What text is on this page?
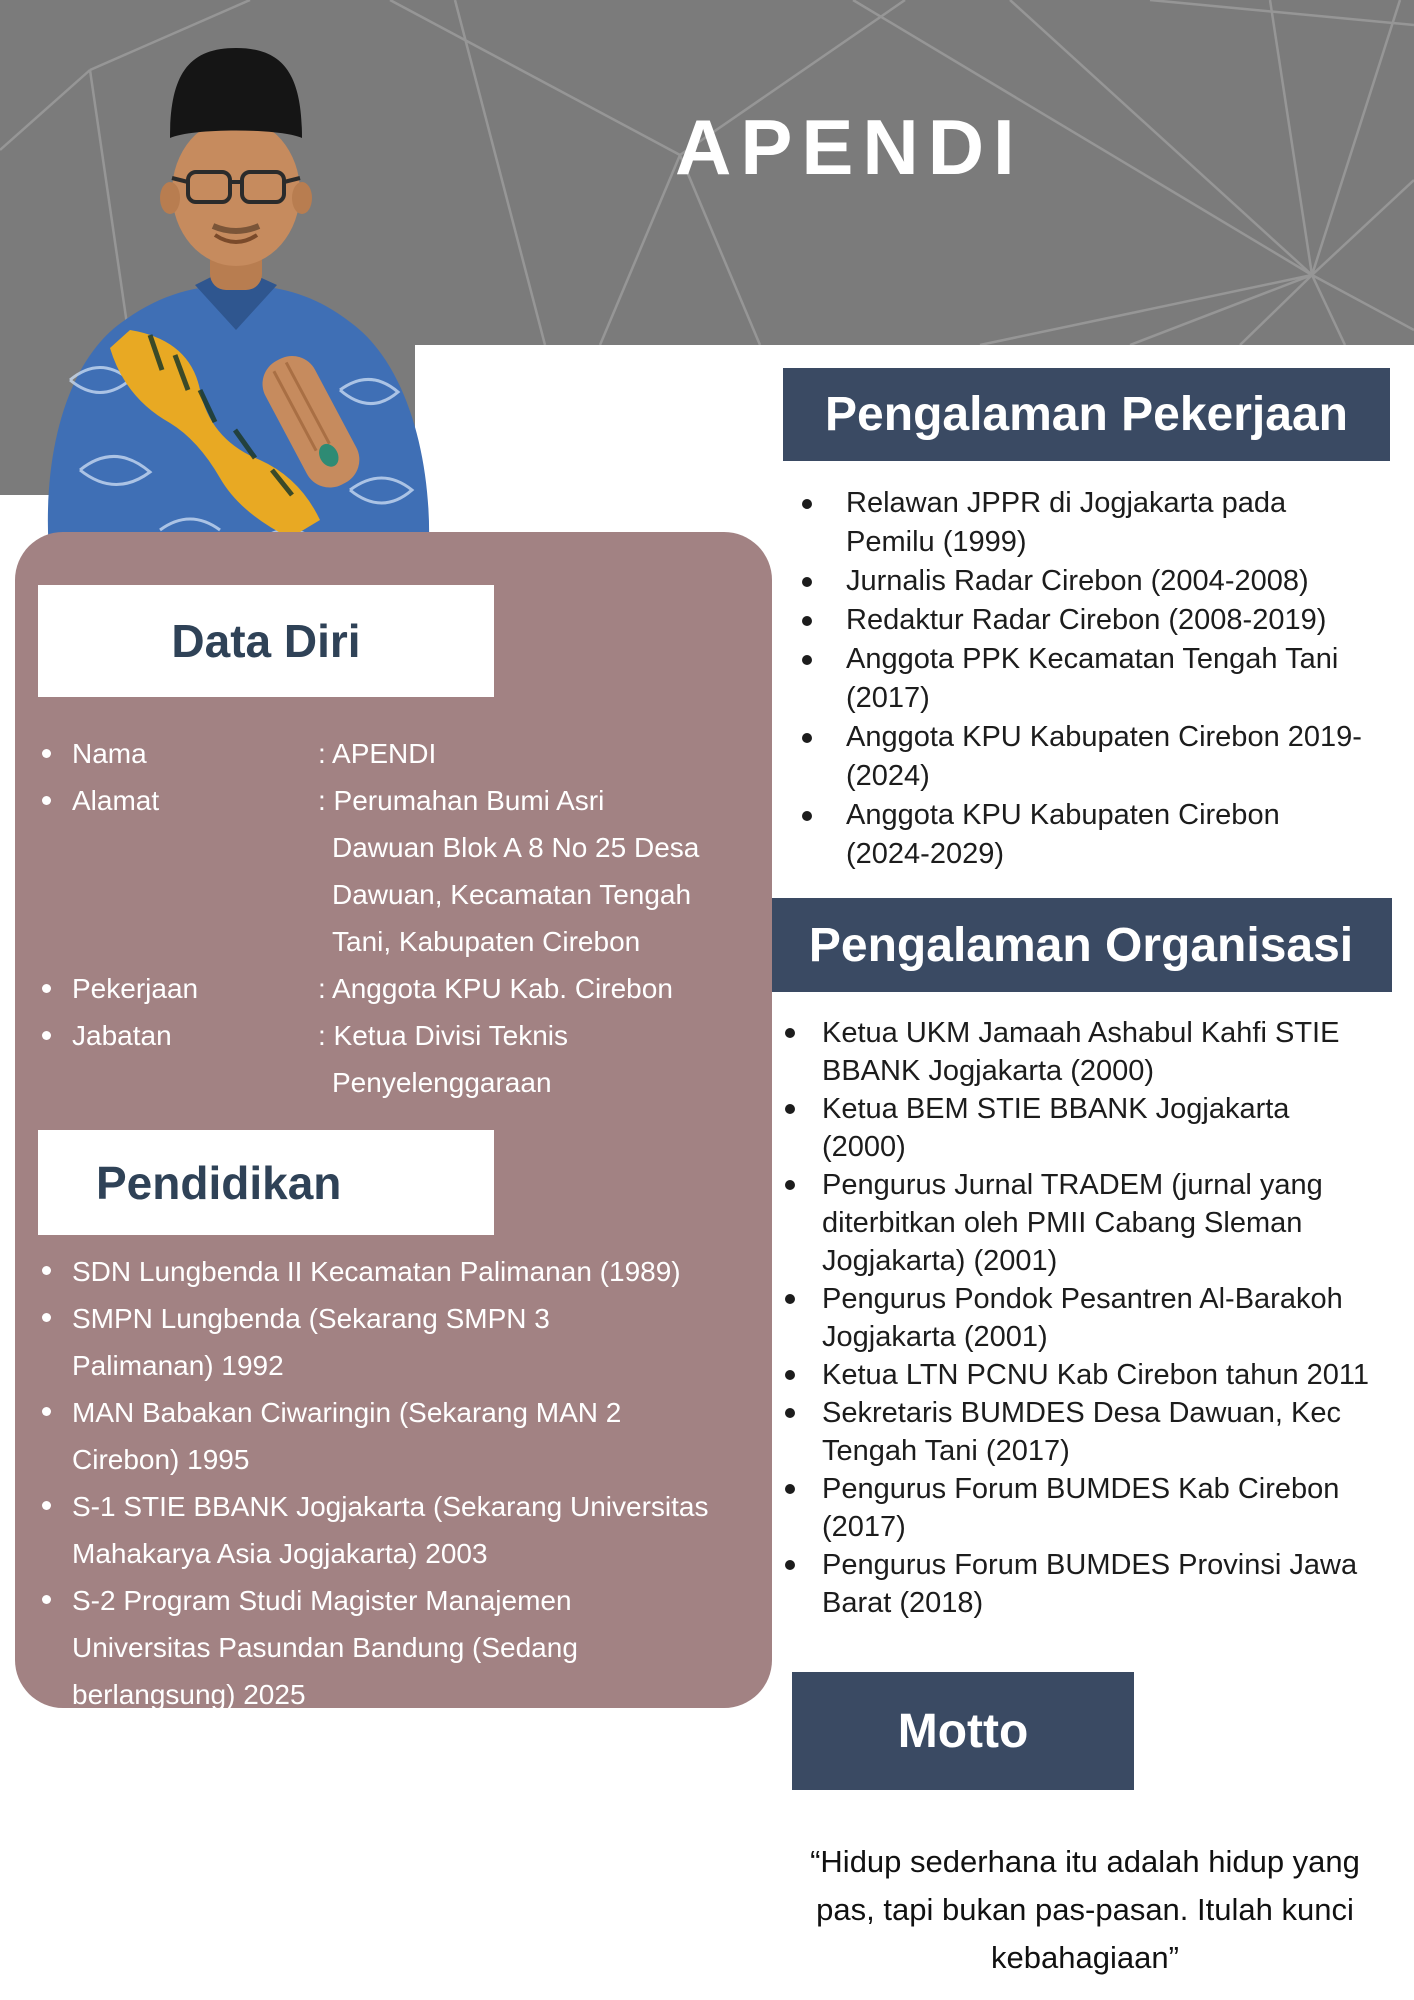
APENDI
Pengalaman Pekerjaan
Relawan JPPR di Jogjakarta pada
Pemilu (1999)
Jurnalis Radar Cirebon (2004-2008)
Redaktur Radar Cirebon (2008-2019)
Anggota PPK Kecamatan Tengah Tani
(2017)
Anggota KPU Kabupaten Cirebon 2019-
(2024)
Anggota KPU Kabupaten Cirebon
(2024-2029)
Pengalaman Organisasi
Ketua UKM Jamaah Ashabul Kahfi STIE
BBANK Jogjakarta (2000)
Ketua BEM STIE BBANK Jogjakarta
(2000)
Pengurus Jurnal TRADEM (jurnal yang
diterbitkan oleh PMII Cabang Sleman
Jogjakarta) (2001)
Pengurus Pondok Pesantren Al-Barakoh
Jogjakarta (2001)
Ketua LTN PCNU Kab Cirebon tahun 2011
Sekretaris BUMDES Desa Dawuan, Kec
Tengah Tani (2017)
Pengurus Forum BUMDES Kab Cirebon
(2017)
Pengurus Forum BUMDES Provinsi Jawa
Barat (2018)
Motto
“Hidup sederhana itu adalah hidup yang
pas, tapi bukan pas-pasan. Itulah kunci
kebahagiaan”
Data Diri
Nama	: APENDI
Alamat	: Perumahan Bumi Asri
Dawuan Blok A 8 No 25 Desa
Dawuan, Kecamatan Tengah
Tani, Kabupaten Cirebon
Pekerjaan	: Anggota KPU Kab. Cirebon
Jabatan	: Ketua Divisi Teknis
Penyelenggaraan
Pendidikan
SDN Lungbenda II Kecamatan Palimanan (1989)
SMPN Lungbenda (Sekarang SMPN 3
Palimanan) 1992
MAN Babakan Ciwaringin (Sekarang MAN 2
Cirebon) 1995
S-1 STIE BBANK Jogjakarta (Sekarang Universitas
Mahakarya Asia Jogjakarta) 2003
S-2 Program Studi Magister Manajemen
Universitas Pasundan Bandung (Sedang
berlangsung) 2025
